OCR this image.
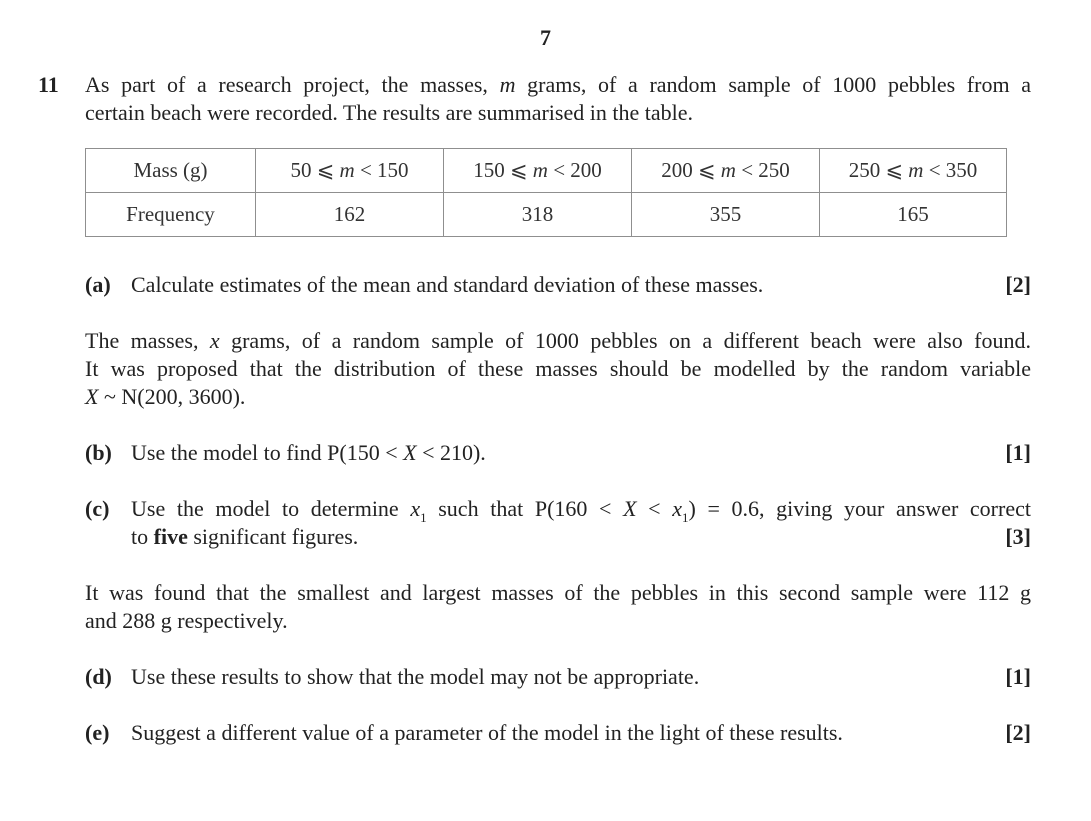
7
11 As part of a research project, the masses, m grams, of a random sample of 1000 pebbles from a
certain beach were recorded. The results are summarised in the table.
Mass (g)	50 ⩽ m < 150	150 ⩽ m < 200	200 ⩽ m < 250	250 ⩽ m < 350
Frequency	162	318	355	165
(a) Calculate estimates of the mean and standard deviation of these masses.	[2]
The masses, x grams, of a random sample of 1000 pebbles on a different beach were also found.
It was proposed that the distribution of these masses should be modelled by the random variable
X ~ N(200, 3600).
(b) Use the model to find P(150 < X < 210).	[1]
(c) Use the model to determine $x_1$ such that $P(160 < X < x_1) = 0.6$, giving your answer correct
to five significant figures.	[3]
It was found that the smallest and largest masses of the pebbles in this second sample were 112 g
and 288 g respectively.
(d) Use these results to show that the model may not be appropriate.	[1]
(e) Suggest a different value of a parameter of the model in the light of these results.	[2]
